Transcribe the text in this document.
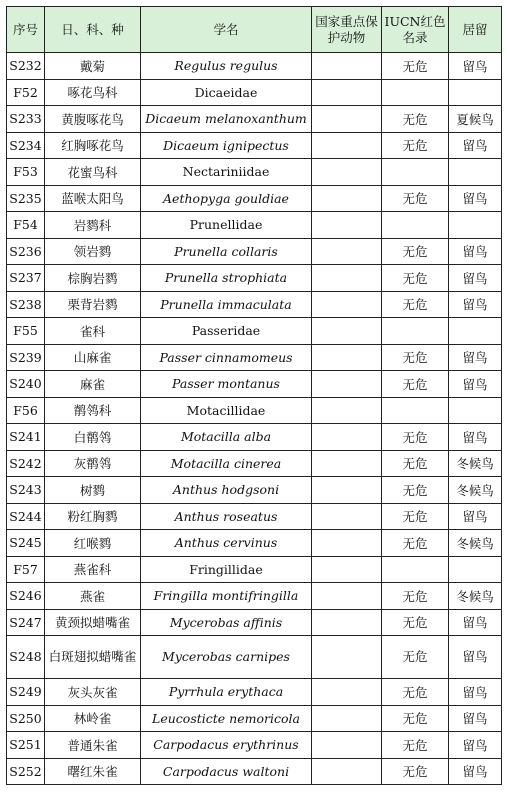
序号	日、科、种	学名	国家重点保护动物	IUCN红色名录	居留
S232	戴菊	Regulus regulus		无危	留鸟
F52	啄花鸟科	Dicaeidae			
S233	黄腹啄花鸟	Dicaeum melanoxanthum		无危	夏候鸟
S234	红胸啄花鸟	Dicaeum ignipectus		无危	留鸟
F53	花蜜鸟科	Nectariniidae			
S235	蓝喉太阳鸟	Aethopyga gouldiae		无危	留鸟
F54	岩鹨科	Prunellidae			
S236	领岩鹨	Prunella collaris		无危	留鸟
S237	棕胸岩鹨	Prunella strophiata		无危	留鸟
S238	栗背岩鹨	Prunella immaculata		无危	留鸟
F55	雀科	Passeridae			
S239	山麻雀	Passer cinnamomeus		无危	留鸟
S240	麻雀	Passer montanus		无危	留鸟
F56	鹡鸰科	Motacillidae			
S241	白鹡鸰	Motacilla alba		无危	留鸟
S242	灰鹡鸰	Motacilla cinerea		无危	冬候鸟
S243	树鹨	Anthus hodgsoni		无危	冬候鸟
S244	粉红胸鹨	Anthus roseatus		无危	留鸟
S245	红喉鹨	Anthus cervinus		无危	冬候鸟
F57	燕雀科	Fringillidae			
S246	燕雀	Fringilla montifringilla		无危	冬候鸟
S247	黄颈拟蜡嘴雀	Mycerobas affinis		无危	留鸟
S248	白斑翅拟蜡嘴雀	Mycerobas carnipes		无危	留鸟
S249	灰头灰雀	Pyrrhula erythaca		无危	留鸟
S250	林岭雀	Leucosticte nemoricola		无危	留鸟
S251	普通朱雀	Carpodacus erythrinus		无危	留鸟
S252	曙红朱雀	Carpodacus waltoni		无危	留鸟
